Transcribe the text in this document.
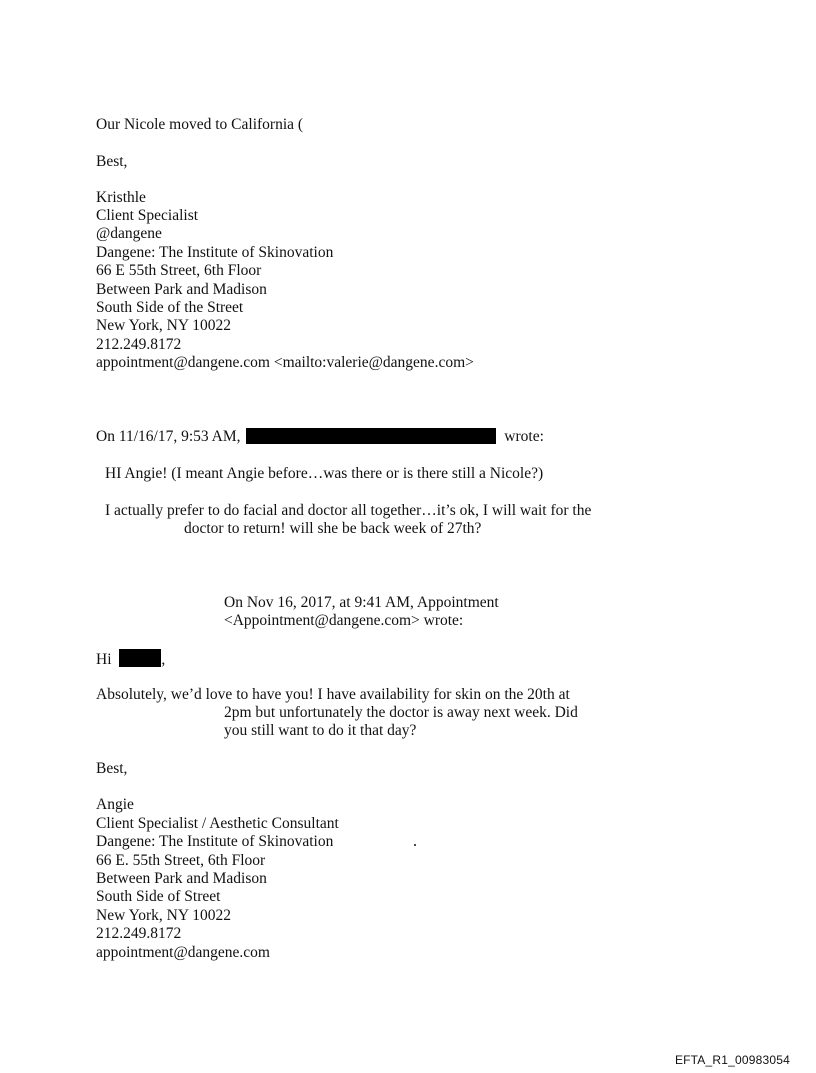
Our Nicole moved to California (
Best,
Kristhle
Client Specialist
@dangene
Dangene: The Institute of Skinovation
66 E 55th Street, 6th Floor
Between Park and Madison
South Side of the Street
New York, NY 10022
212.249.8172
appointment@dangene.com <mailto:valerie@dangene.com>
On 11/16/17, 9:53 AM,	wrote:
HI Angie! (I meant Angie before…was there or is there still a Nicole?)
I actually prefer to do facial and doctor all together…it’s ok, I will wait for the
doctor to return! will she be back week of 27th?
On Nov 16, 2017, at 9:41 AM, Appointment
<Appointment@dangene.com> wrote:
Hi	,
Absolutely, we’d love to have you! I have availability for skin on the 20th at
2pm but unfortunately the doctor is away next week. Did
you still want to do it that day?
Best,
Angie
Client Specialist / Aesthetic Consultant
Dangene: The Institute of Skinovation
66 E. 55th Street, 6th Floor
Between Park and Madison
South Side of Street
New York, NY 10022
212.249.8172
appointment@dangene.com
EFTA_R1_00983054
